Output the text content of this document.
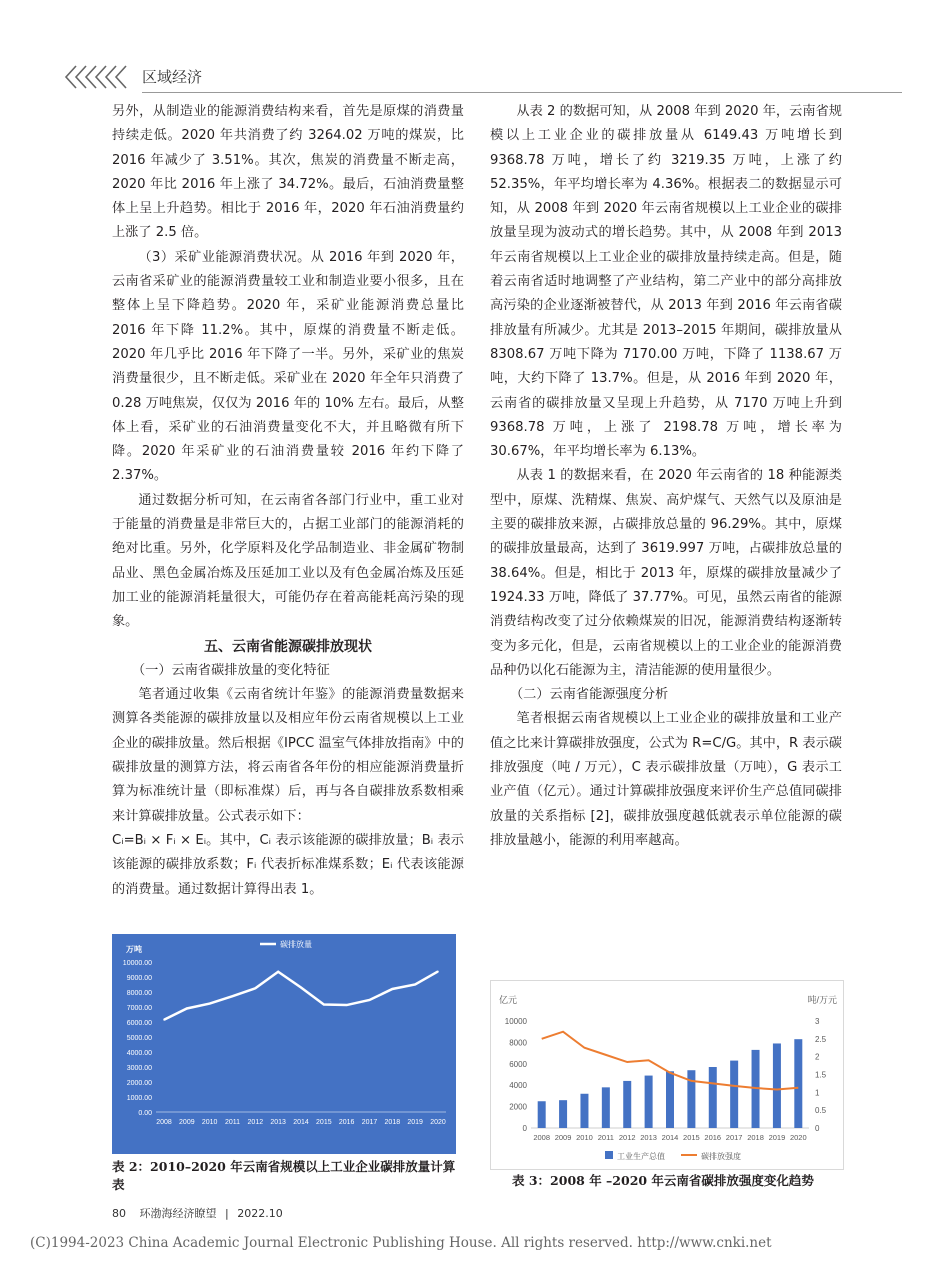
区域经济

另外，从制造业的能源消费结构来看，首先是原煤的消费量持续走低。2020 年共消费了约 3264.02 万吨的煤炭，比 2016 年减少了 3.51%。其次，焦炭的消费量不断走高，2020 年比 2016 年上涨了 34.72%。最后，石油消费量整体上呈上升趋势。相比于 2016 年，2020 年石油消费量约上涨了 2.5 倍。

（3）采矿业能源消费状况。从 2016 年到 2020 年，云南省采矿业的能源消费量较工业和制造业要小很多，且在整体上呈下降趋势。2020 年，采矿业能源消费总量比 2016 年下降 11.2%。其中，原煤的消费量不断走低。2020 年几乎比 2016 年下降了一半。另外，采矿业的焦炭消费量很少，且不断走低。采矿业在 2020 年全年只消费了 0.28 万吨焦炭，仅仅为 2016 年的 10% 左右。最后，从整体上看，采矿业的石油消费量变化不大，并且略微有所下降。2020 年采矿业的石油消费量较 2016 年约下降了 2.37%。

通过数据分析可知，在云南省各部门行业中，重工业对于能量的消费量是非常巨大的，占据工业部门的能源消耗的绝对比重。另外，化学原料及化学品制造业、非金属矿物制品业、黑色金属冶炼及压延加工业以及有色金属冶炼及压延加工业的能源消耗量很大，可能仍存在着高能耗高污染的现象。

五、云南省能源碳排放现状

（一）云南省碳排放量的变化特征

笔者通过收集《云南省统计年鉴》的能源消费量数据来测算各类能源的碳排放量以及相应年份云南省规模以上工业企业的碳排放量。然后根据《IPCC 温室气体排放指南》中的碳排放量的测算方法，将云南省各年份的相应能源消费量折算为标准统计量（即标准煤）后，再与各自碳排放系数相乘来计算碳排放量。公式表示如下：

Cᵢ=Bᵢ × Fᵢ × Eᵢ。其中，Cᵢ 表示该能源的碳排放量；Bᵢ 表示该能源的碳排放系数；Fᵢ 代表折标准煤系数；Eᵢ 代表该能源的消费量。通过数据计算得出表 1。

万吨
碳排放量
0.00
1000.00
2000.00
3000.00
4000.00
5000.00
6000.00
7000.00
8000.00
9000.00
10000.00
2008 2009 2010 2011 2012 2013 2014 2015 2016 2017 2018 2019 2020
表 2：2010–2020 年云南省规模以上工业企业碳排放量计算表

从表 2 的数据可知，从 2008 年到 2020 年，云南省规模以上工业企业的碳排放量从 6149.43 万吨增长到 9368.78 万吨，增长了约 3219.35 万吨，上涨了约 52.35%，年平均增长率为 4.36%。根据表二的数据显示可知，从 2008 年到 2020 年云南省规模以上工业企业的碳排放量呈现为波动式的增长趋势。其中，从 2008 年到 2013 年云南省规模以上工业企业的碳排放量持续走高。但是，随着云南省适时地调整了产业结构，第二产业中的部分高排放高污染的企业逐渐被替代，从 2013 年到 2016 年云南省碳排放量有所减少。尤其是 2013–2015 年期间，碳排放量从 8308.67 万吨下降为 7170.00 万吨，下降了 1138.67 万吨，大约下降了 13.7%。但是，从 2016 年到 2020 年，云南省的碳排放量又呈现上升趋势，从 7170 万吨上升到 9368.78 万吨，上涨了 2198.78 万吨，增长率为 30.67%，年平均增长率为 6.13%。

从表 1 的数据来看，在 2020 年云南省的 18 种能源类型中，原煤、洗精煤、焦炭、高炉煤气、天然气以及原油是主要的碳排放来源，占碳排放总量的 96.29%。其中，原煤的碳排放量最高，达到了 3619.997 万吨，占碳排放总量的 38.64%。但是，相比于 2013 年，原煤的碳排放量减少了 1924.33 万吨，降低了 37.77%。可见，虽然云南省的能源消费结构改变了过分依赖煤炭的旧况，能源消费结构逐渐转变为多元化，但是，云南省规模以上的工业企业的能源消费品种仍以化石能源为主，清洁能源的使用量很少。

（二）云南省能源强度分析

笔者根据云南省规模以上工业企业的碳排放量和工业产值之比来计算碳排放强度，公式为 R=C/G。其中，R 表示碳排放强度（吨 / 万元），C 表示碳排放量（万吨），G 表示工业产值（亿元）。通过计算碳排放强度来评价生产总值同碳排放量的关系指标 [2]，碳排放强度越低就表示单位能源的碳排放量越小，能源的利用率越高。

亿元	吨/万元
0
2000
4000
6000
8000
10000
0
0.5
1
1.5
2
2.5
3
2008 2009 2010 2011 2012 2013 2014 2015 2016 2017 2018 2019 2020
工业生产总值	碳排放强度
表 3：2008 年 –2020 年云南省碳排放强度变化趋势
80 环渤海经济瞭望 | 2022.10
(C)1994-2023 China Academic Journal Electronic Publishing House. All rights reserved. http://www.cnki.net
